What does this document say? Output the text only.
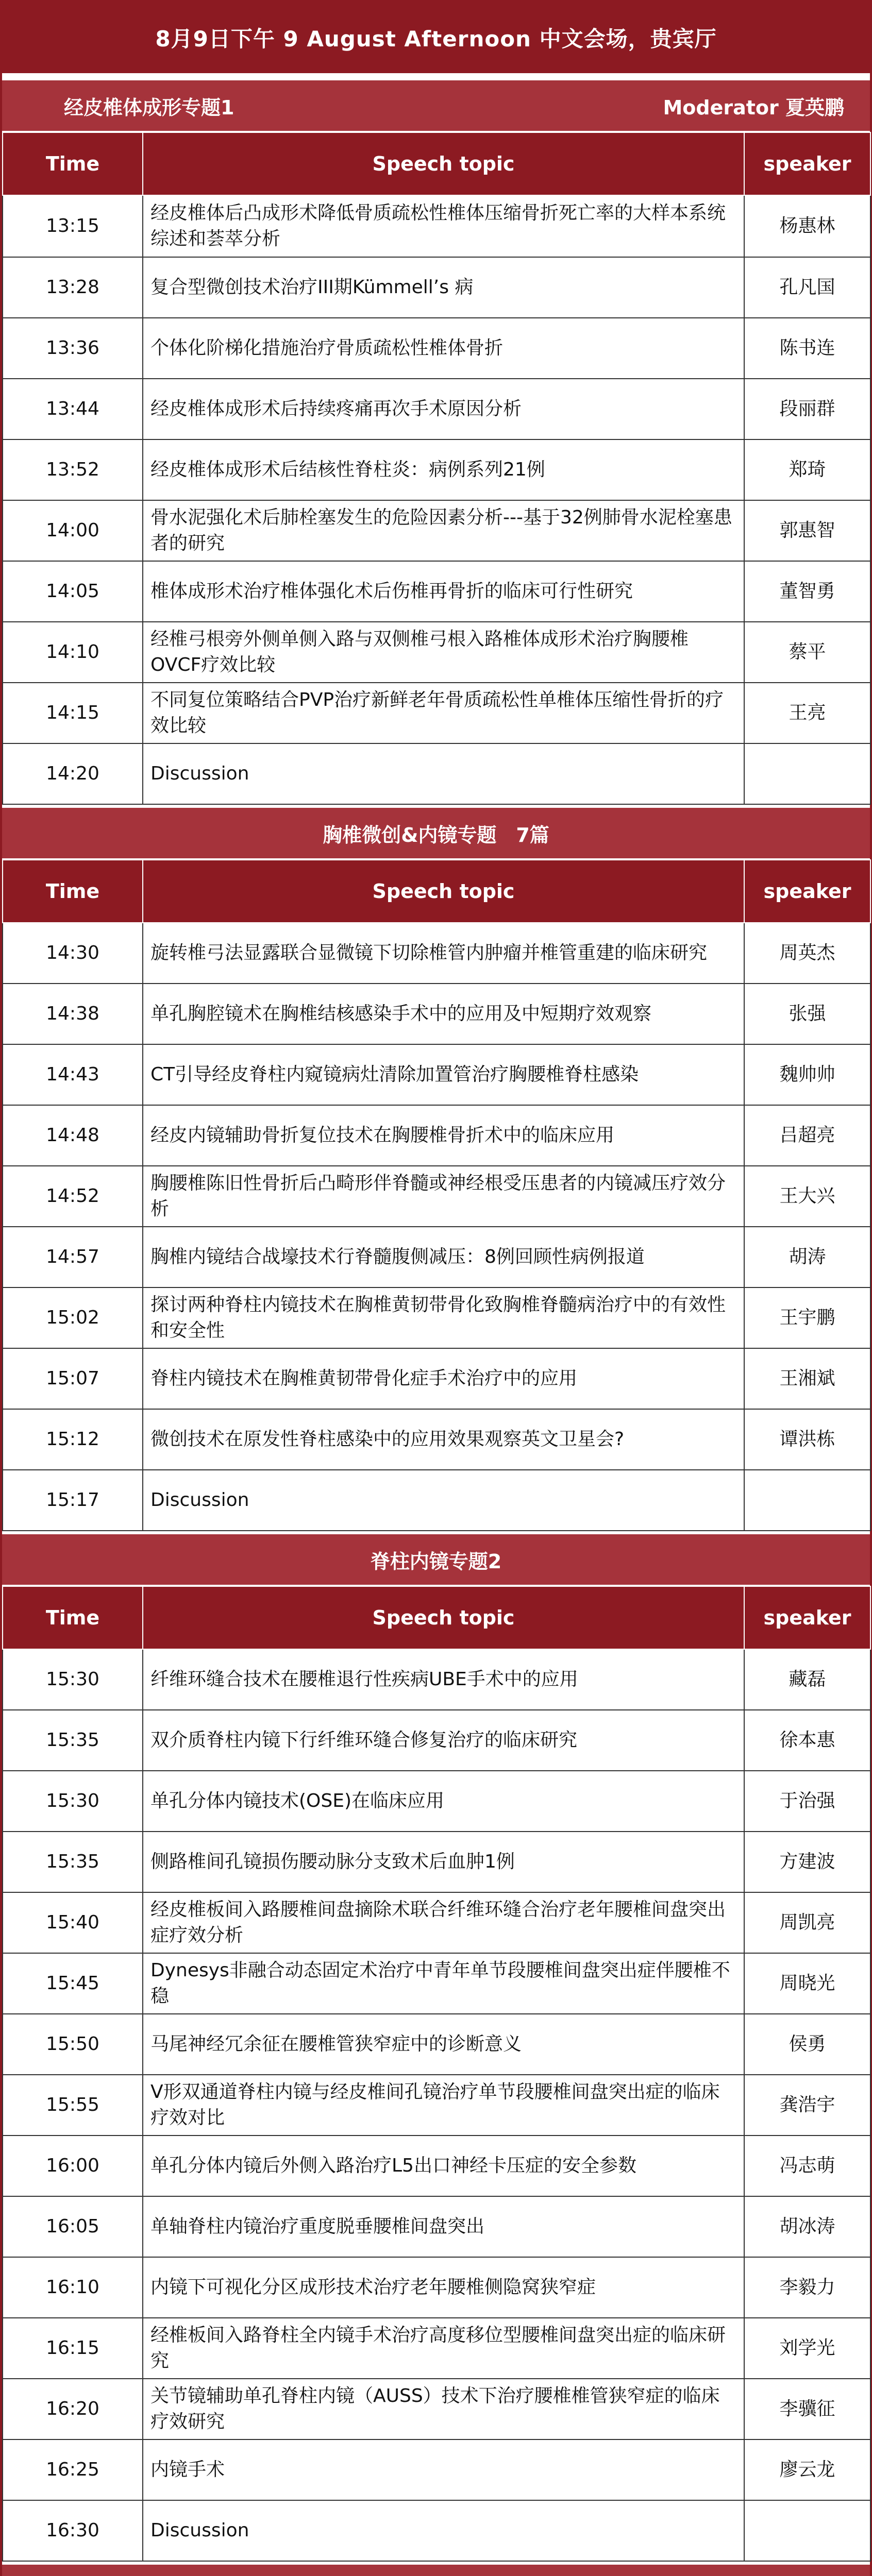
8月9日下午 9 August Afternoon 中文会场，贵宾厅
经皮椎体成形专题1	Moderator 夏英鹏
Time	Speech topic	speaker
13:15	经皮椎体后凸成形术降低骨质疏松性椎体压缩骨折死亡率的大样本系统综述和荟萃分析	杨惠林
13:28	复合型微创技术治疗III期Kümmell’s 病	孔凡国
13:36	个体化阶梯化措施治疗骨质疏松性椎体骨折	陈书连
13:44	经皮椎体成形术后持续疼痛再次手术原因分析	段丽群
13:52	经皮椎体成形术后结核性脊柱炎：病例系列21例	郑琦
14:00	骨水泥强化术后肺栓塞发生的危险因素分析---基于32例肺骨水泥栓塞患者的研究	郭惠智
14:05	椎体成形术治疗椎体强化术后伤椎再骨折的临床可行性研究	董智勇
14:10	经椎弓根旁外侧单侧入路与双侧椎弓根入路椎体成形术治疗胸腰椎OVCF疗效比较	蔡平
14:15	不同复位策略结合PVP治疗新鲜老年骨质疏松性单椎体压缩性骨折的疗效比较	王亮
14:20	Discussion	
胸椎微创&内镜专题　7篇
Time	Speech topic	speaker
14:30	旋转椎弓法显露联合显微镜下切除椎管内肿瘤并椎管重建的临床研究	周英杰
14:38	单孔胸腔镜术在胸椎结核感染手术中的应用及中短期疗效观察	张强
14:43	CT引导经皮脊柱内窥镜病灶清除加置管治疗胸腰椎脊柱感染	魏帅帅
14:48	经皮内镜辅助骨折复位技术在胸腰椎骨折术中的临床应用	吕超亮
14:52	胸腰椎陈旧性骨折后凸畸形伴脊髓或神经根受压患者的内镜减压疗效分析	王大兴
14:57	胸椎内镜结合战壕技术行脊髓腹侧减压：8例回顾性病例报道	胡涛
15:02	探讨两种脊柱内镜技术在胸椎黄韧带骨化致胸椎脊髓病治疗中的有效性和安全性	王宇鹏
15:07	脊柱内镜技术在胸椎黄韧带骨化症手术治疗中的应用	王湘斌
15:12	微创技术在原发性脊柱感染中的应用效果观察英文卫星会?	谭洪栋
15:17	Discussion	
脊柱内镜专题2
Time	Speech topic	speaker
15:30	纤维环缝合技术在腰椎退行性疾病UBE手术中的应用	藏磊
15:35	双介质脊柱内镜下行纤维环缝合修复治疗的临床研究	徐本惠
15:30	单孔分体内镜技术(OSE)在临床应用	于治强
15:35	侧路椎间孔镜损伤腰动脉分支致术后血肿1例	方建波
15:40	经皮椎板间入路腰椎间盘摘除术联合纤维环缝合治疗老年腰椎间盘突出症疗效分析	周凯亮
15:45	Dynesys非融合动态固定术治疗中青年单节段腰椎间盘突出症伴腰椎不稳	周晓光
15:50	马尾神经冗余征在腰椎管狭窄症中的诊断意义	侯勇
15:55	V形双通道脊柱内镜与经皮椎间孔镜治疗单节段腰椎间盘突出症的临床疗效对比	龚浩宇
16:00	单孔分体内镜后外侧入路治疗L5出口神经卡压症的安全参数	冯志萌
16:05	单轴脊柱内镜治疗重度脱垂腰椎间盘突出	胡冰涛
16:10	内镜下可视化分区成形技术治疗老年腰椎侧隐窝狭窄症	李毅力
16:15	经椎板间入路脊柱全内镜手术治疗高度移位型腰椎间盘突出症的临床研究	刘学光
16:20	关节镜辅助单孔脊柱内镜（AUSS）技术下治疗腰椎椎管狭窄症的临床疗效研究	李骥征
16:25	内镜手术	廖云龙
16:30	Discussion	
